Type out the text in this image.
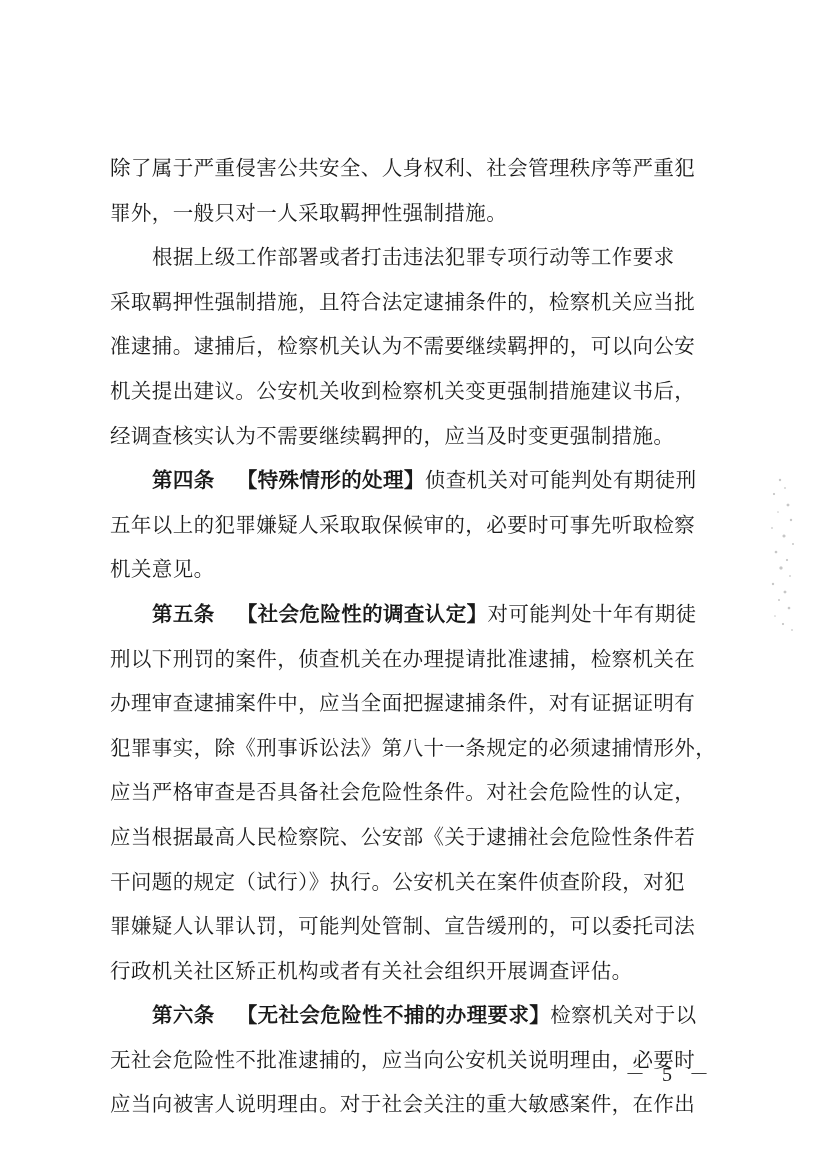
除了属于严重侵害公共安全、人身权利、社会管理秩序等严重犯
罪外，一般只对一人采取羁押性强制措施。
根据上级工作部署或者打击违法犯罪专项行动等工作要求
采取羁押性强制措施，且符合法定逮捕条件的，检察机关应当批
准逮捕。逮捕后，检察机关认为不需要继续羁押的，可以向公安
机关提出建议。公安机关收到检察机关变更强制措施建议书后，
经调查核实认为不需要继续羁押的，应当及时变更强制措施。
第四条 【特殊情形的处理】侦查机关对可能判处有期徒刑
五年以上的犯罪嫌疑人采取取保候审的，必要时可事先听取检察
机关意见。
第五条 【社会危险性的调查认定】对可能判处十年有期徒
刑以下刑罚的案件，侦查机关在办理提请批准逮捕，检察机关在
办理审查逮捕案件中，应当全面把握逮捕条件，对有证据证明有
犯罪事实，除《刑事诉讼法》第八十一条规定的必须逮捕情形外，
应当严格审查是否具备社会危险性条件。对社会危险性的认定，
应当根据最高人民检察院、公安部《关于逮捕社会危险性条件若
干问题的规定（试行）》执行。公安机关在案件侦查阶段，对犯
罪嫌疑人认罪认罚，可能判处管制、宣告缓刑的，可以委托司法
行政机关社区矫正机构或者有关社会组织开展调查评估。
第六条 【无社会危险性不捕的办理要求】检察机关对于以
无社会危险性不批准逮捕的，应当向公安机关说明理由，必要时
应当向被害人说明理由。对于社会关注的重大敏感案件，在作出
－ 5 －
